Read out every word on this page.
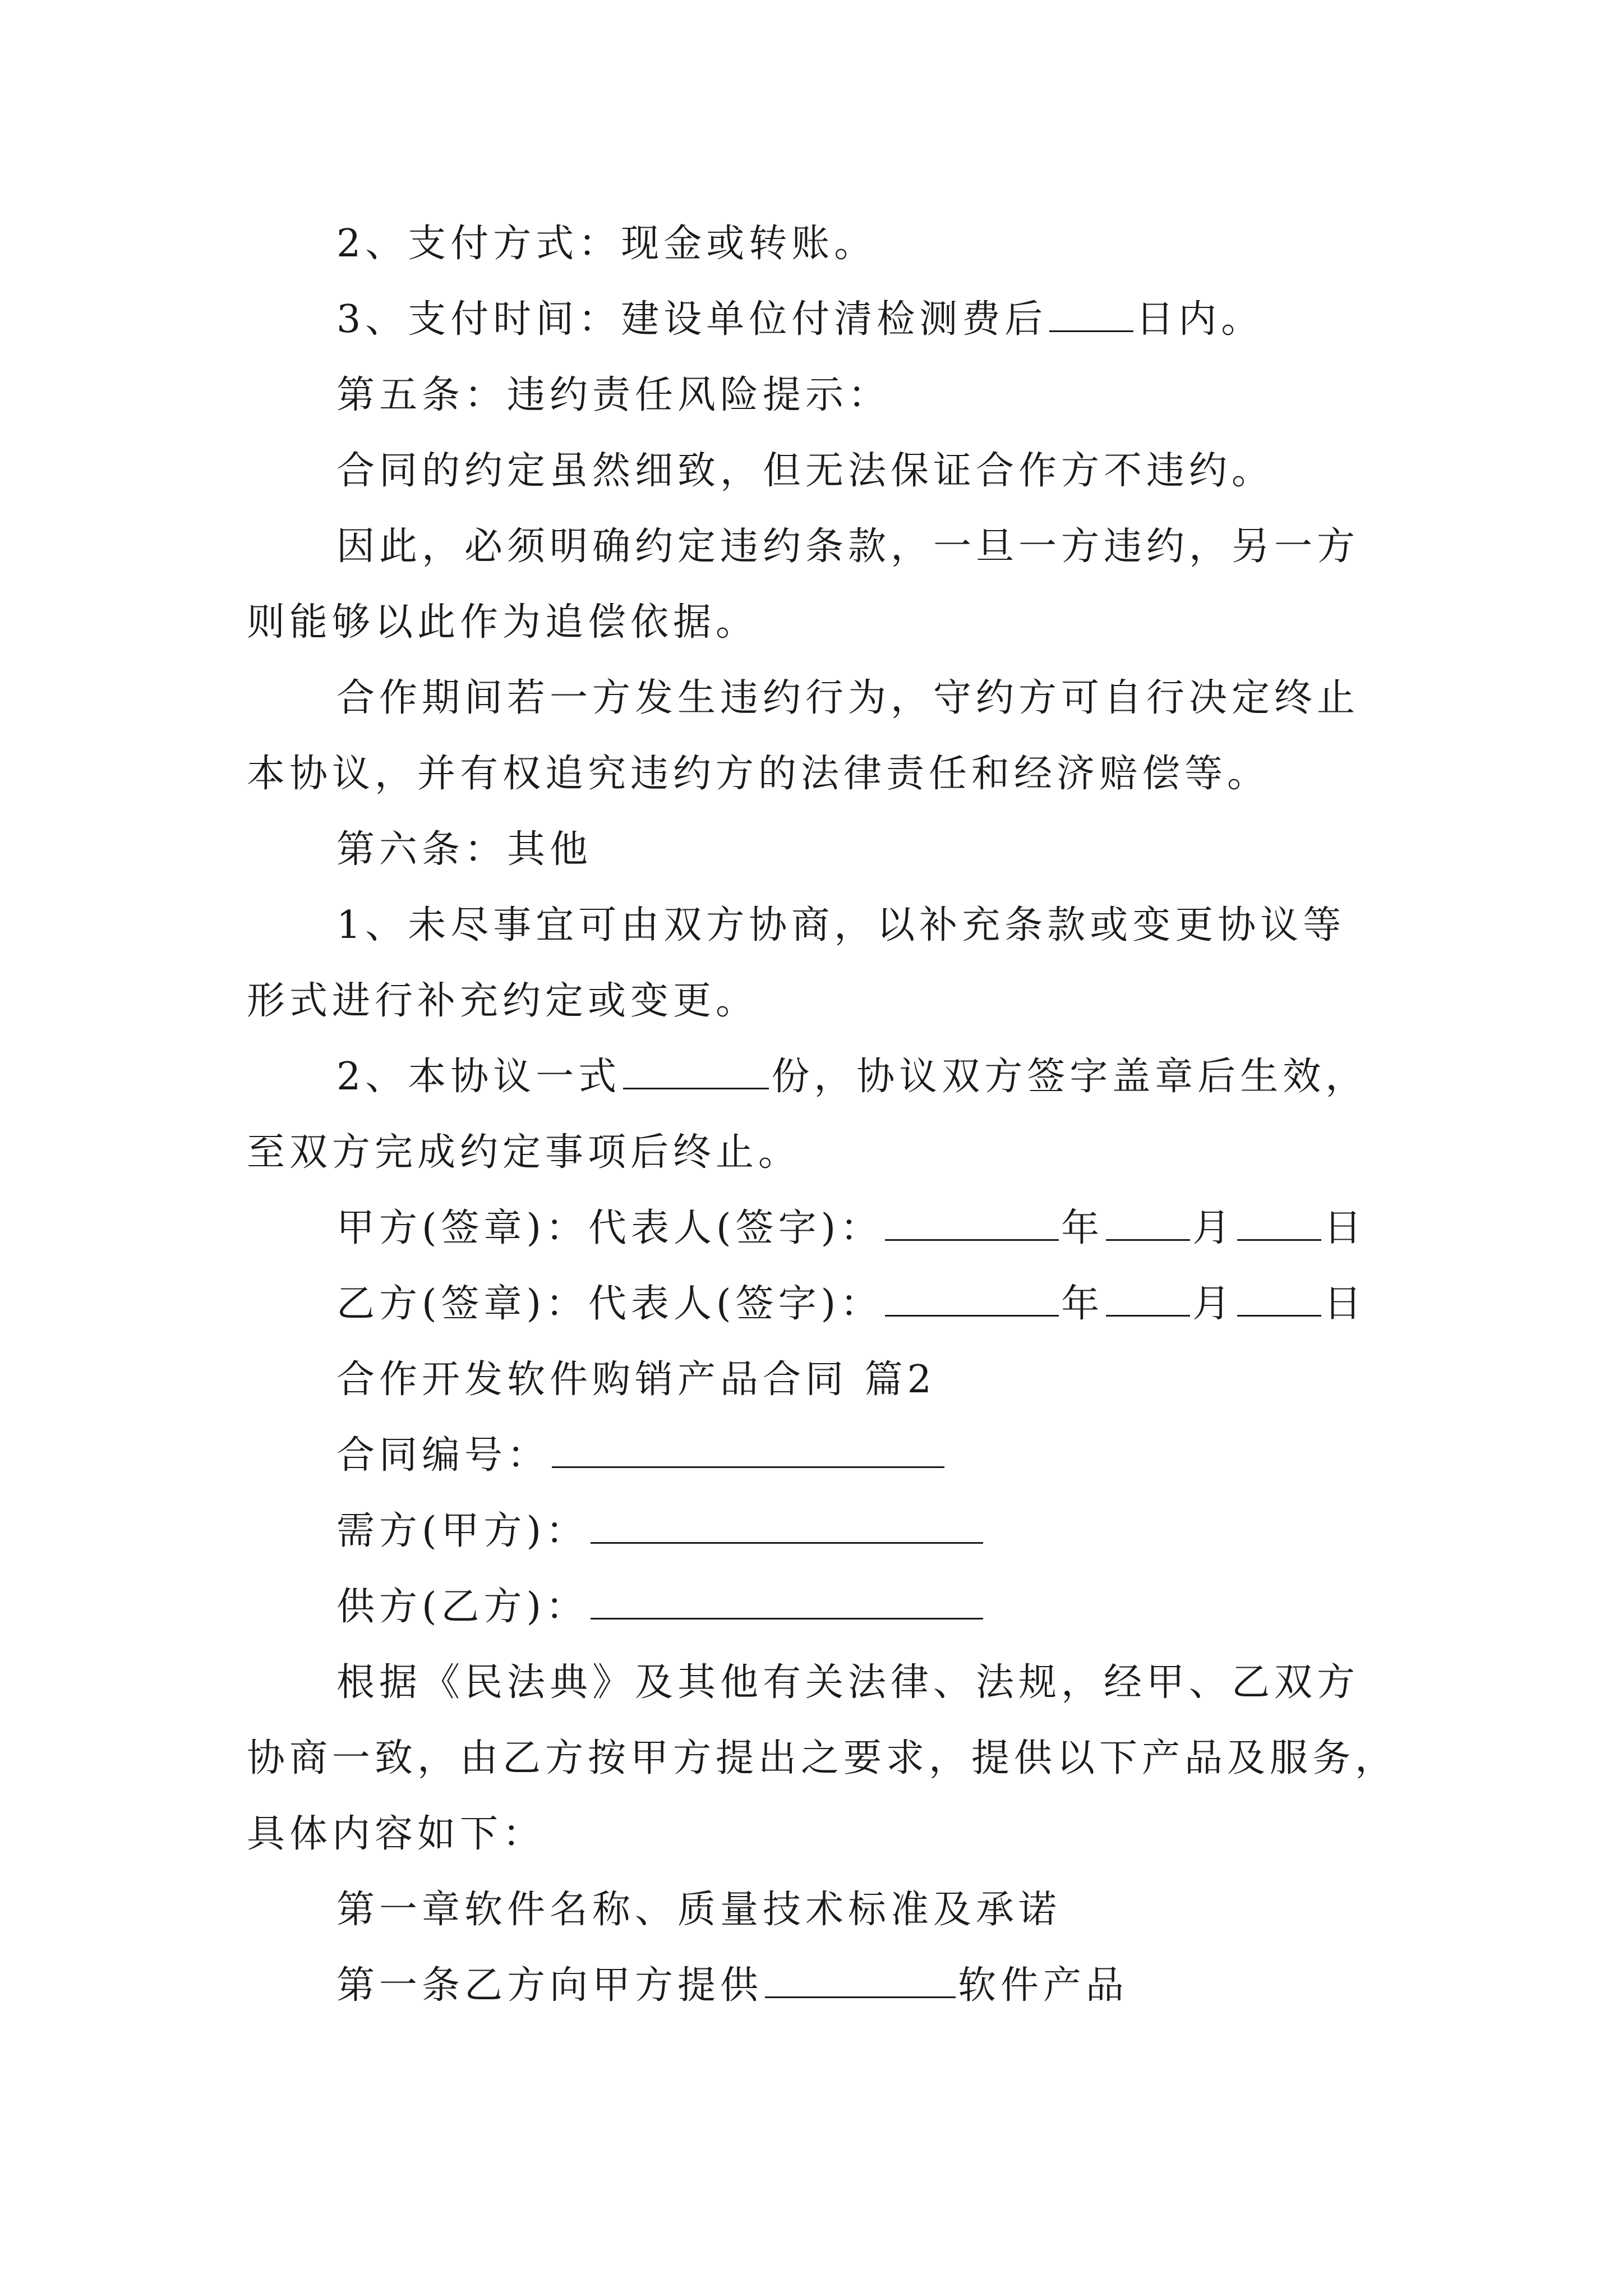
2、支付方式：现金或转账。
3、支付时间：建设单位付清检测费后 日内。
第五条：违约责任风险提示：
合同的约定虽然细致，但无法保证合作方不违约。
因此，必须明确约定违约条款，一旦一方违约，另一方
则能够以此作为追偿依据。
合作期间若一方发生违约行为，守约方可自行决定终止
本协议，并有权追究违约方的法律责任和经济赔偿等。
第六条：其他
1、未尽事宜可由双方协商，以补充条款或变更协议等
形式进行补充约定或变更。
2、本协议一式	份，协议双方签字盖章后生效，
至双方完成约定事项后终止。
甲方(签章)：代表人(签字)：	年 月 日
乙方(签章)：代表人(签字)：	年 月 日
合作开发软件购销产品合同 篇2
合同编号：
需方(甲方)：
供方(乙方)：
根据《民法典》及其他有关法律、法规，经甲、乙双方
协商一致，由乙方按甲方提出之要求，提供以下产品及服务，
具体内容如下：
第一章软件名称、质量技术标准及承诺
第一条乙方向甲方提供	软件产品
